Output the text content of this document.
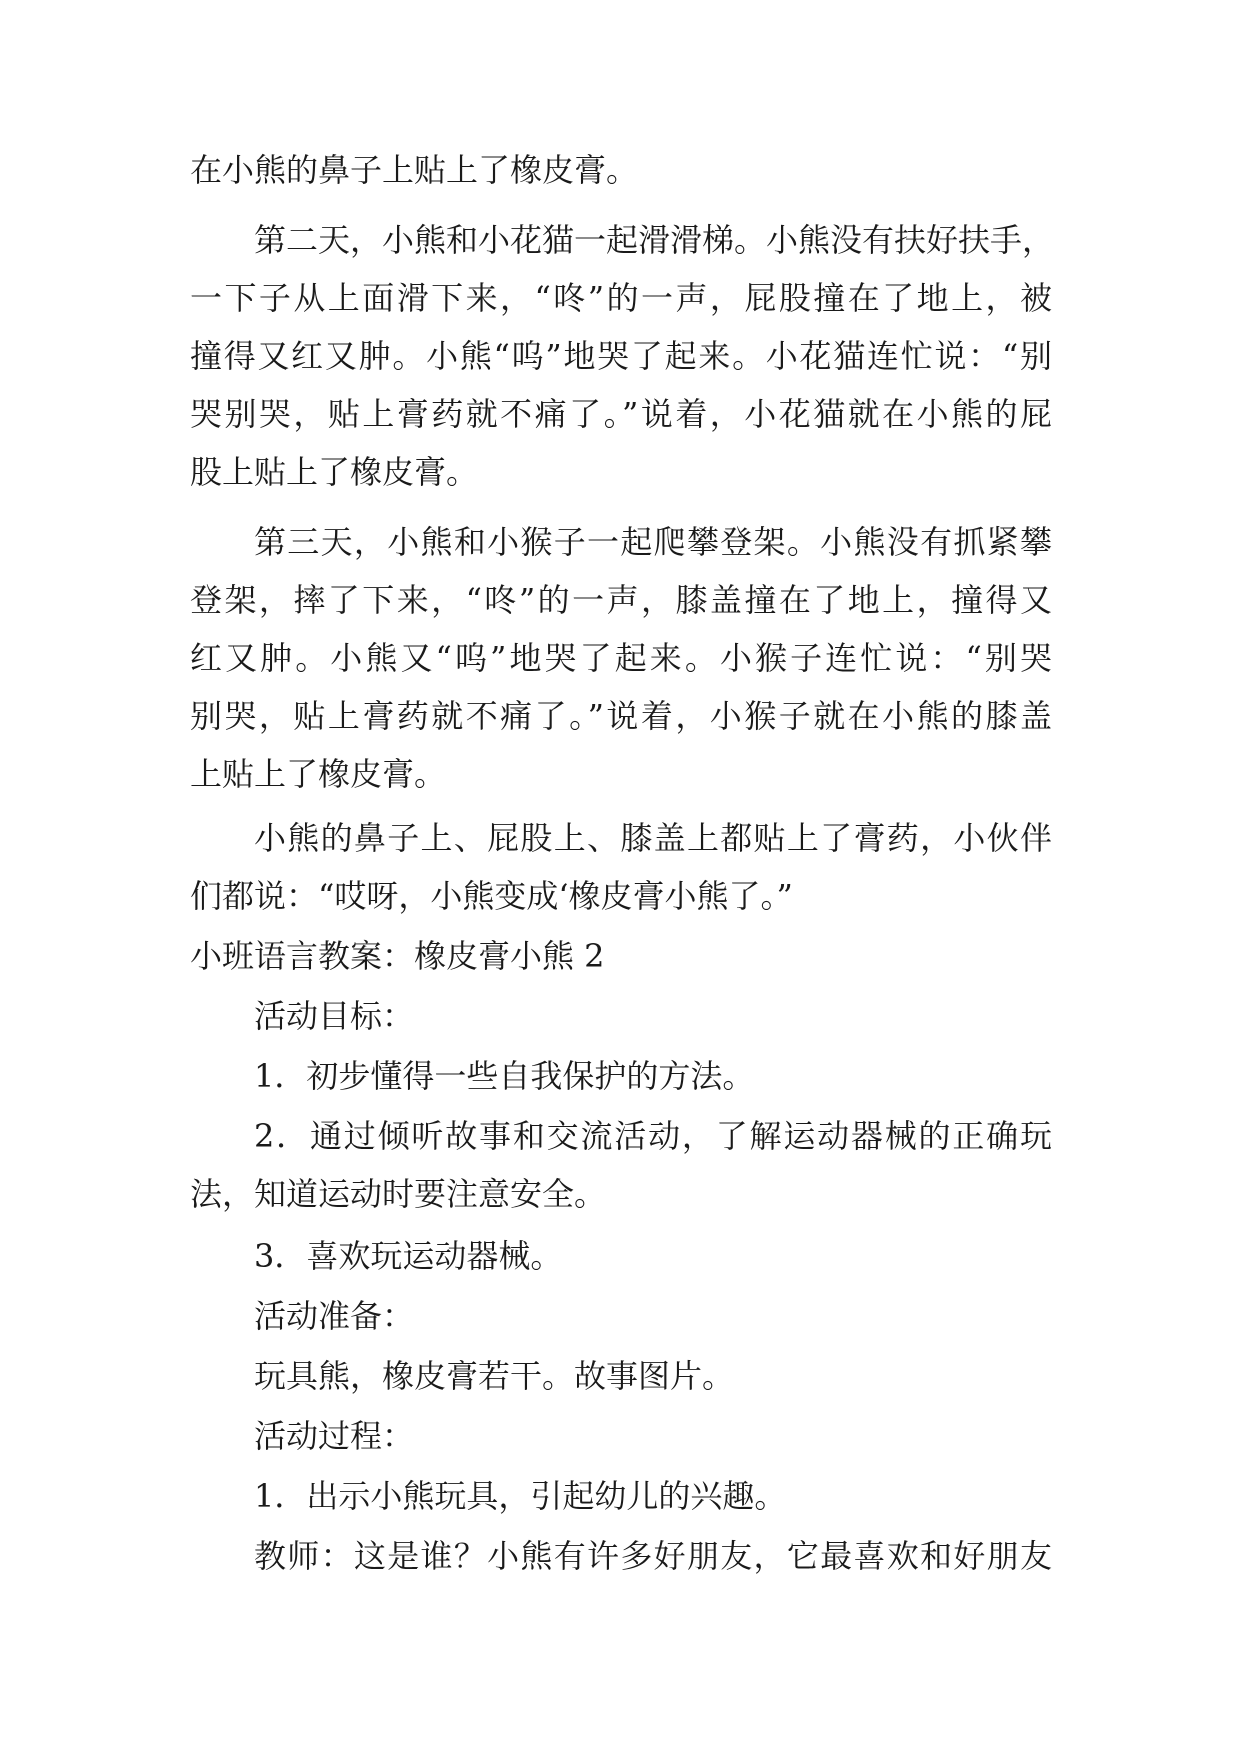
在小熊的鼻子上贴上了橡皮膏。
第二天，小熊和小花猫一起滑滑梯。小熊没有扶好扶手，
一下子从上面滑下来，“咚”的一声，屁股撞在了地上，被
撞得又红又肿。小熊“呜”地哭了起来。小花猫连忙说：“别
哭别哭，贴上膏药就不痛了。”说着，小花猫就在小熊的屁
股上贴上了橡皮膏。
第三天，小熊和小猴子一起爬攀登架。小熊没有抓紧攀
登架，摔了下来，“咚”的一声，膝盖撞在了地上，撞得又
红又肿。小熊又“呜”地哭了起来。小猴子连忙说：“别哭
别哭，贴上膏药就不痛了。”说着，小猴子就在小熊的膝盖
上贴上了橡皮膏。
小熊的鼻子上、屁股上、膝盖上都贴上了膏药，小伙伴
们都说：“哎呀，小熊变成‘橡皮膏小熊了。”
小班语言教案：橡皮膏小熊 2
活动目标：
1．初步懂得一些自我保护的方法。
2．通过倾听故事和交流活动，了解运动器械的正确玩
法，知道运动时要注意安全。
3．喜欢玩运动器械。
活动准备：
玩具熊，橡皮膏若干。故事图片。
活动过程：
1．出示小熊玩具，引起幼儿的兴趣。
教师：这是谁？小熊有许多好朋友，它最喜欢和好朋友
